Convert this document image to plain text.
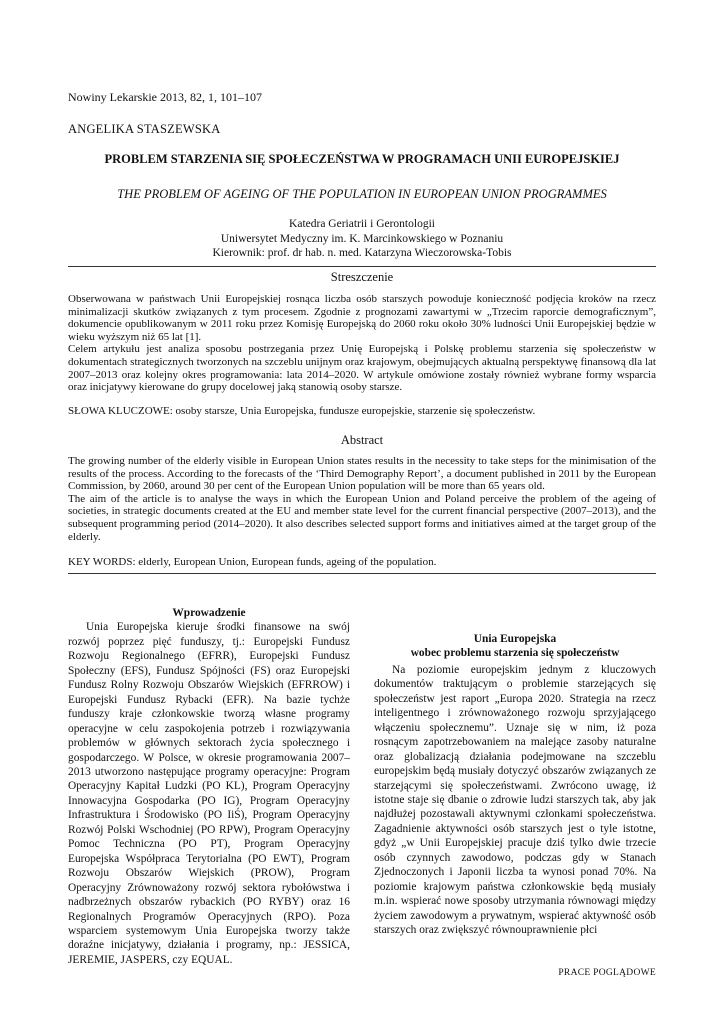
Nowiny Lekarskie 2013, 82, 1, 101–107
ANGELIKA STASZEWSKA
PROBLEM STARZENIA SIĘ SPOŁECZEŃSTWA W PROGRAMACH UNII EUROPEJSKIEJ
THE PROBLEM OF AGEING OF THE POPULATION IN EUROPEAN UNION PROGRAMMES
Katedra Geriatrii i Gerontologii
Uniwersytet Medyczny im. K. Marcinkowskiego w Poznaniu
Kierownik: prof. dr hab. n. med. Katarzyna Wieczorowska-Tobis
Streszczenie

Obserwowana w państwach Unii Europejskiej rosnąca liczba osób starszych powoduje konieczność podjęcia kroków na rzecz minimalizacji skutków związanych z tym procesem. Zgodnie z prognozami zawartymi w „Trzecim raporcie demograficznym”, dokumencie opublikowanym w 2011 roku przez Komisję Europejską do 2060 roku około 30% ludności Unii Europejskiej będzie w wieku wyższym niż 65 lat [1].

Celem artykułu jest analiza sposobu postrzegania przez Unię Europejską i Polskę problemu starzenia się społeczeństw w dokumentach strategicznych tworzonych na szczeblu unijnym oraz krajowym, obejmujących aktualną perspektywę finansową dla lat 2007–2013 oraz kolejny okres programowania: lata 2014–2020. W artykule omówione zostały również wybrane formy wsparcia oraz inicjatywy kierowane do grupy docelowej jaką stanowią osoby starsze.

SŁOWA KLUCZOWE: osoby starsze, Unia Europejska, fundusze europejskie, starzenie się społeczeństw.
Abstract

The growing number of the elderly visible in European Union states results in the necessity to take steps for the minimisation of the results of the process. According to the forecasts of the ‘Third Demography Report’, a document published in 2011 by the European Commission, by 2060, around 30 per cent of the European Union population will be more than 65 years old.

The aim of the article is to analyse the ways in which the European Union and Poland perceive the problem of the ageing of societies, in strategic documents created at the EU and member state level for the current financial perspective (2007–2013), and the subsequent programming period (2014–2020). It also describes selected support forms and initiatives aimed at the target group of the elderly.

KEY WORDS: elderly, European Union, European funds, ageing of the population.
Wprowadzenie

Unia Europejska kieruje środki finansowe na swój rozwój poprzez pięć funduszy, tj.: Europejski Fundusz Rozwoju Regionalnego (EFRR), Europejski Fundusz Społeczny (EFS), Fundusz Spójności (FS) oraz Europejski Fundusz Rolny Rozwoju Obszarów Wiejskich (EFRROW) i Europejski Fundusz Rybacki (EFR). Na bazie tychże funduszy kraje członkowskie tworzą własne programy operacyjne w celu zaspokojenia potrzeb i rozwiązywania problemów w głównych sektorach życia społecznego i gospodarczego. W Polsce, w okresie programowania 2007–2013 utworzono następujące programy operacyjne: Program Operacyjny Kapitał Ludzki (PO KL), Program Operacyjny Innowacyjna Gospodarka (PO IG), Program Operacyjny Infrastruktura i Środowisko (PO IiŚ), Program Operacyjny Rozwój Polski Wschodniej (PO RPW), Program Operacyjny Pomoc Techniczna (PO PT), Program Operacyjny Europejska Współpraca Terytorialna (PO EWT), Program Rozwoju Obszarów Wiejskich (PROW), Program Operacyjny Zrównoważony rozwój sektora rybołówstwa i nadbrzeżnych obszarów rybackich (PO RYBY) oraz 16 Regionalnych Programów Operacyjnych (RPO). Poza wsparciem systemowym Unia Europejska tworzy także doraźne inicjatywy, działania i programy, np.: JESSICA, JEREMIE, JASPERS, czy EQUAL.

Unia Europejska
wobec problemu starzenia się społeczeństw

Na poziomie europejskim jednym z kluczowych dokumentów traktującym o problemie starzejących się społeczeństw jest raport „Europa 2020. Strategia na rzecz inteligentnego i zrównoważonego rozwoju sprzyjającego włączeniu społecznemu”. Uznaje się w nim, iż poza rosnącym zapotrzebowaniem na malejące zasoby naturalne oraz globalizacją działania podejmowane na szczeblu europejskim będą musiały dotyczyć obszarów związanych ze starzejącymi się społeczeństwami. Zwrócono uwagę, iż istotne staje się dbanie o zdrowie ludzi starszych tak, aby jak najdłużej pozostawali aktywnymi członkami społeczeństwa. Zagadnienie aktywności osób starszych jest o tyle istotne, gdyż „w Unii Europejskiej pracuje dziś tylko dwie trzecie osób czynnych zawodowo, podczas gdy w Stanach Zjednoczonych i Japonii liczba ta wynosi ponad 70%. Na poziomie krajowym państwa członkowskie będą musiały m.in. wspierać nowe sposoby utrzymania równowagi między życiem zawodowym a prywatnym, wspierać aktywność osób starszych oraz zwiększyć równouprawnienie płci

PRACE POGLĄDOWE
